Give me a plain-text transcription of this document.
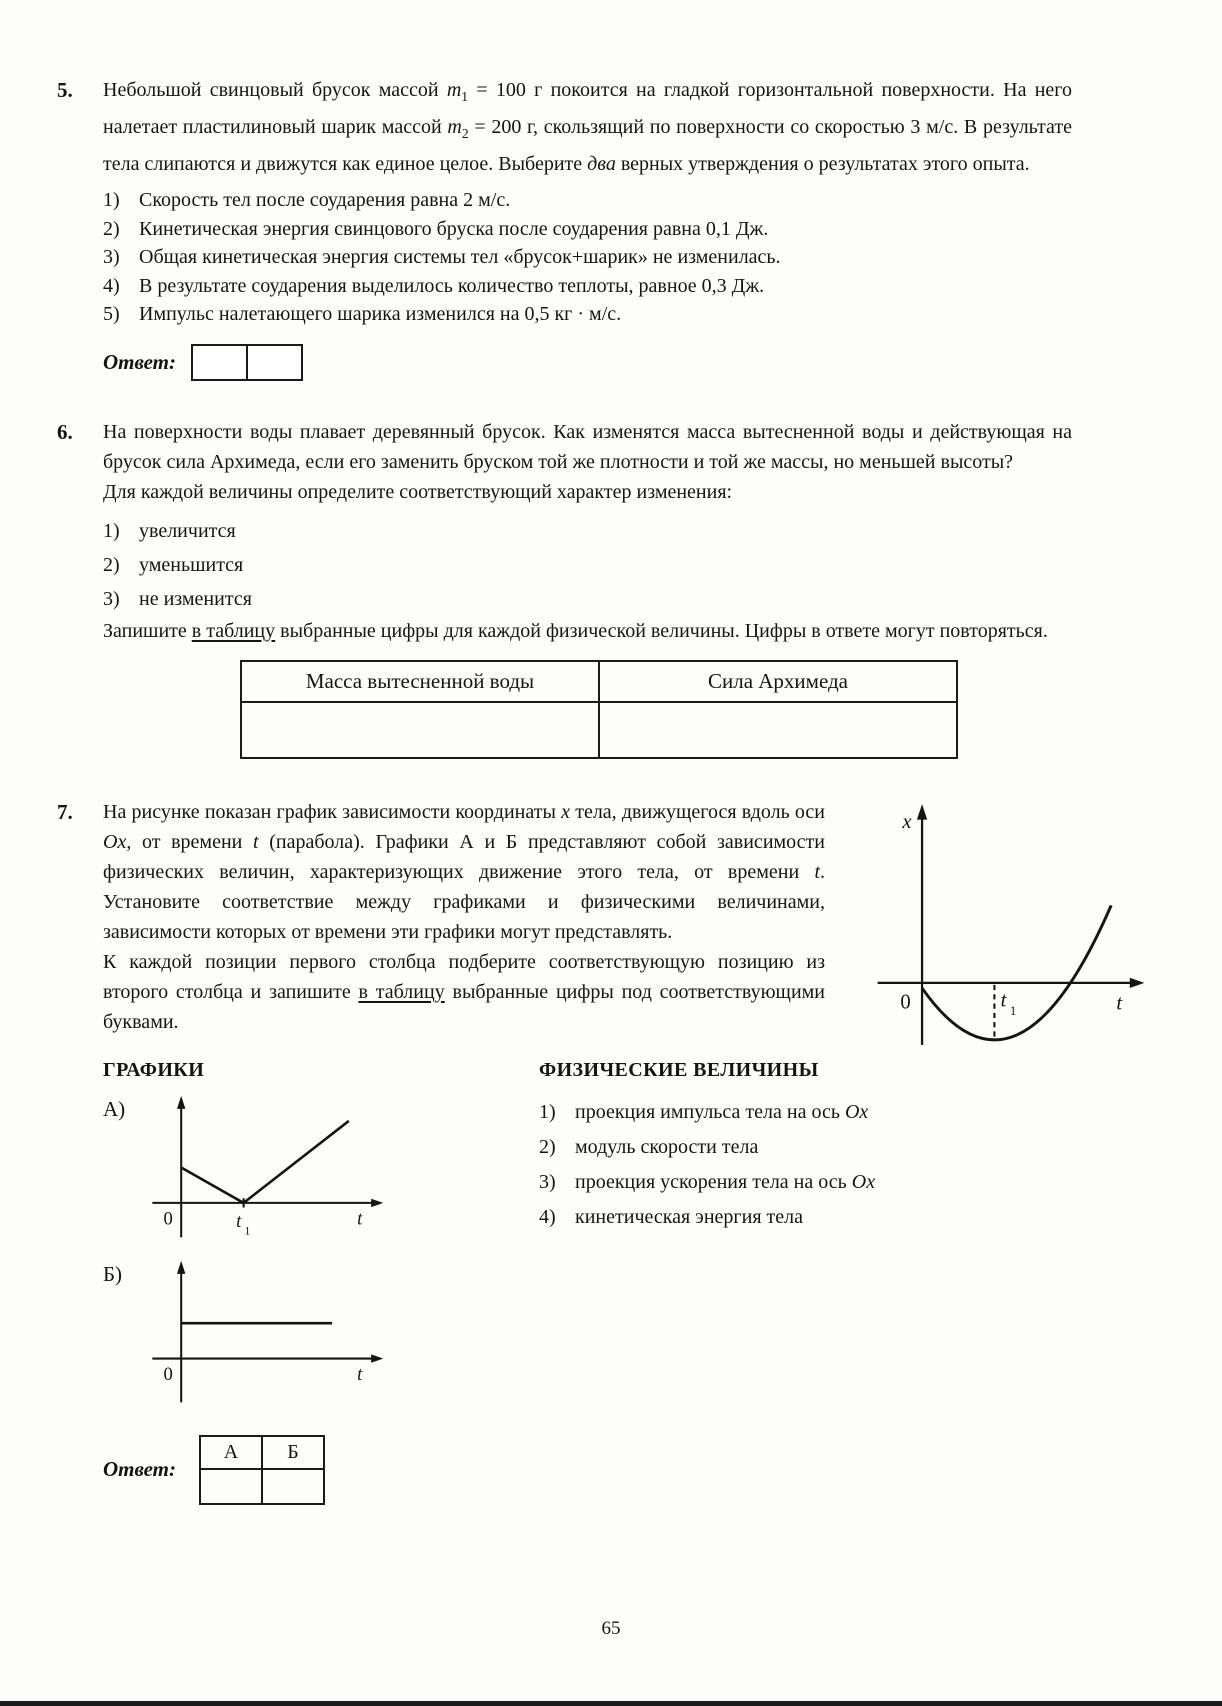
5.	Небольшой свинцовый брусок массой $m_1 = 100$ г покоится на гладкой горизонтальной поверхности. На него налетает пластилиновый шарик массой $m_2 = 200$ г, скользящий по поверхности со скоростью 3 м/с. В результате тела слипаются и движутся как единое целое. Выберите два верных утверждения о результатах этого опыта.

1) Скорость тел после соударения равна 2 м/с.
2) Кинетическая энергия свинцового бруска после соударения равна 0,1 Дж.
3) Общая кинетическая энергия системы тел «брусок+шарик» не изменилась.
4) В результате соударения выделилось количество теплоты, равное 0,3 Дж.
5) Импульс налетающего шарика изменился на 0,5 кг · м/с.
Ответ:
6.	На поверхности воды плавает деревянный брусок. Как изменятся масса вытесненной воды и действующая на брусок сила Архимеда, если его заменить бруском той же плотности и той же массы, но меньшей высоты?

Для каждой величины определите соответствующий характер изменения:

1) увеличится
2) уменьшится
3) не изменится

Запишите в таблицу выбранные цифры для каждой физической величины. Цифры в ответе могут повторяться.

Масса вытесненной воды	Сила Архимеда

7.	На рисунке показан график зависимости координаты x тела, движущегося вдоль оси Ox, от времени t (парабола). Графики А и Б представляют собой зависимости физических величин, характеризующих движение этого тела, от времени t. Установите соответствие между графиками и физическими величинами, зависимости которых от времени эти графики могут представлять.

К каждой позиции первого столбца подберите соответствующую позицию из второго столбца и запишите в таблицу выбранные цифры под соответствующими буквами.

x
0	t 1	t
ГРАФИКИ
А)
0	t 1
t
Б)
0	t
Ответ:
А	Б

ФИЗИЧЕСКИЕ ВЕЛИЧИНЫ
1) проекция импульса тела на ось Ox
2) модуль скорости тела
3) проекция ускорения тела на ось Ox
4) кинетическая энергия тела
65
